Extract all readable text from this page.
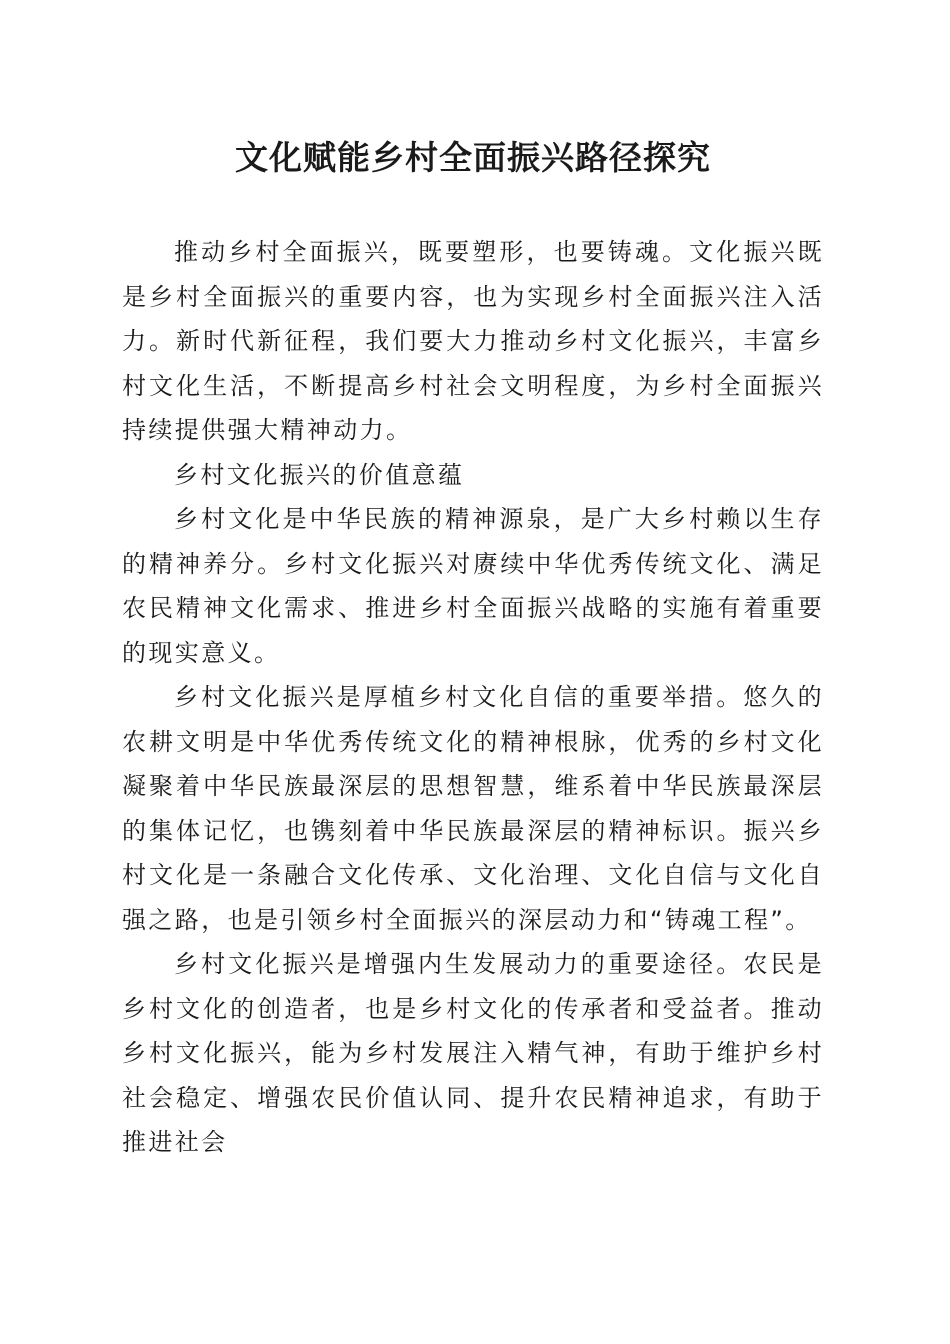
文化赋能乡村全面振兴路径探究

推动乡村全面振兴，既要塑形，也要铸魂。文化振兴既是乡村全面振兴的重要内容，也为实现乡村全面振兴注入活力。新时代新征程，我们要大力推动乡村文化振兴，丰富乡村文化生活，不断提高乡村社会文明程度，为乡村全面振兴持续提供强大精神动力。

乡村文化振兴的价值意蕴

乡村文化是中华民族的精神源泉，是广大乡村赖以生存的精神养分。乡村文化振兴对赓续中华优秀传统文化、满足农民精神文化需求、推进乡村全面振兴战略的实施有着重要的现实意义。

乡村文化振兴是厚植乡村文化自信的重要举措。悠久的农耕文明是中华优秀传统文化的精神根脉，优秀的乡村文化凝聚着中华民族最深层的思想智慧，维系着中华民族最深层的集体记忆，也镌刻着中华民族最深层的精神标识。振兴乡村文化是一条融合文化传承、文化治理、文化自信与文化自强之路，也是引领乡村全面振兴的深层动力和“铸魂工程”。

乡村文化振兴是增强内生发展动力的重要途径。农民是乡村文化的创造者，也是乡村文化的传承者和受益者。推动乡村文化振兴，能为乡村发展注入精气神，有助于维护乡村社会稳定、增强农民价值认同、提升农民精神追求，有助于推进社会
